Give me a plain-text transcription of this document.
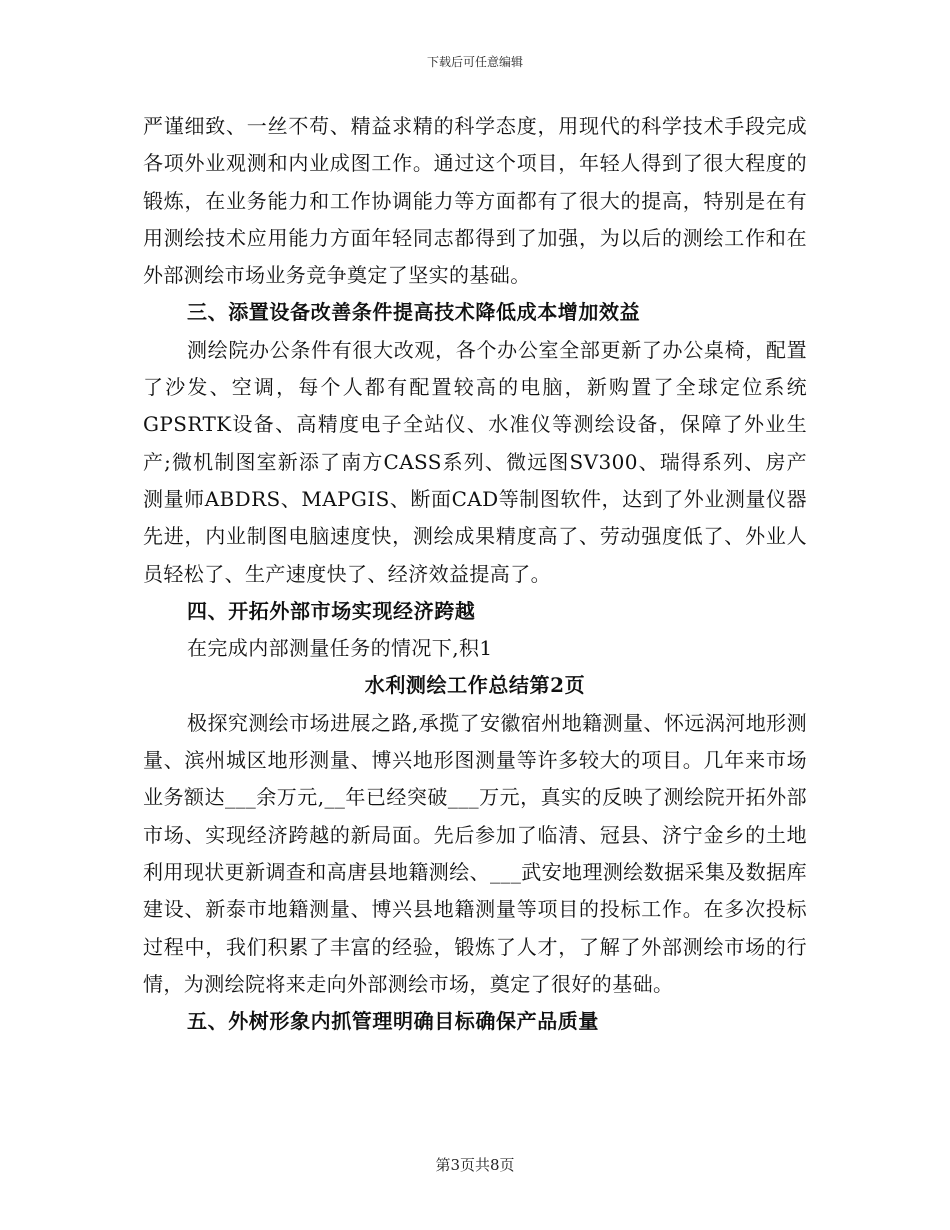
下载后可任意编辑

严谨细致、一丝不苟、精益求精的科学态度，用现代的科学技术手段完成各项外业观测和内业成图工作。通过这个项目，年轻人得到了很大程度的锻炼，在业务能力和工作协调能力等方面都有了很大的提高，特别是在有用测绘技术应用能力方面年轻同志都得到了加强，为以后的测绘工作和在外部测绘市场业务竞争奠定了坚实的基础。

三、添置设备改善条件提高技术降低成本增加效益

测绘院办公条件有很大改观，各个办公室全部更新了办公桌椅，配置了沙发、空调，每个人都有配置较高的电脑，新购置了全球定位系统GPSRTK设备、高精度电子全站仪、水准仪等测绘设备，保障了外业生产;微机制图室新添了南方CASS系列、微远图SV300、瑞得系列、房产测量师ABDRS、MAPGIS、断面CAD等制图软件，达到了外业测量仪器先进，内业制图电脑速度快，测绘成果精度高了、劳动强度低了、外业人员轻松了、生产速度快了、经济效益提高了。

四、开拓外部市场实现经济跨越

在完成内部测量任务的情况下,积1

水利测绘工作总结第2页

极探究测绘市场进展之路,承揽了安徽宿州地籍测量、怀远涡河地形测量、滨州城区地形测量、博兴地形图测量等许多较大的项目。几年来市场业务额达___余万元,__年已经突破___万元，真实的反映了测绘院开拓外部市场、实现经济跨越的新局面。先后参加了临清、冠县、济宁金乡的土地利用现状更新调查和高唐县地籍测绘、___武安地理测绘数据采集及数据库建设、新泰市地籍测量、博兴县地籍测量等项目的投标工作。在多次投标过程中，我们积累了丰富的经验，锻炼了人才，了解了外部测绘市场的行情，为测绘院将来走向外部测绘市场，奠定了很好的基础。

五、外树形象内抓管理明确目标确保产品质量

第3页共8页
